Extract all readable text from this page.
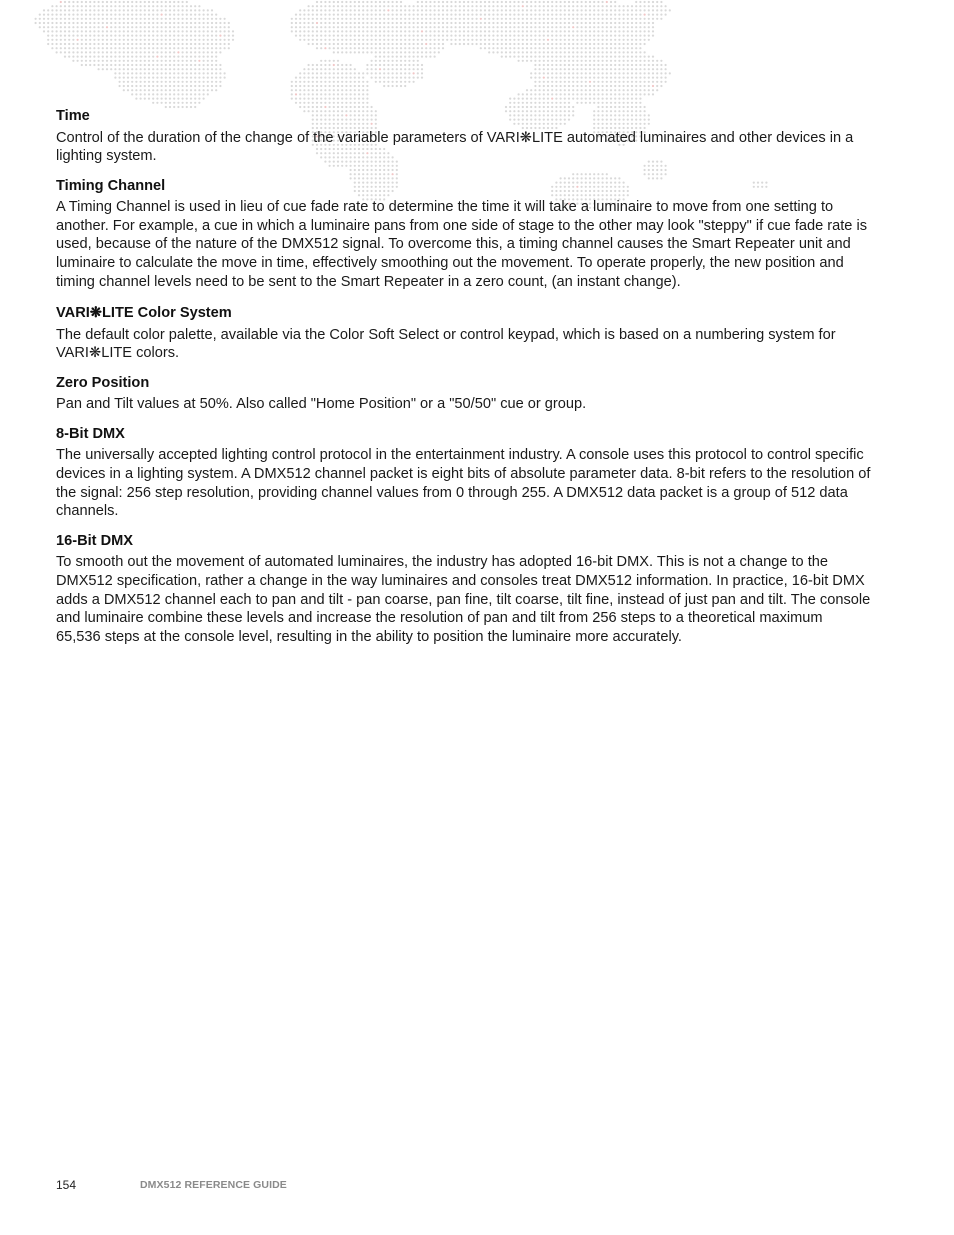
Time

Control of the duration of the change of the variable parameters of VARI❋LITE automated luminaires and other devices in a lighting system.

Timing Channel

A Timing Channel is used in lieu of cue fade rate to determine the time it will take a luminaire to move from one setting to another. For example, a cue in which a luminaire pans from one side of stage to the other may look "steppy" if cue fade rate is used, because of the nature of the DMX512 signal. To overcome this, a timing channel causes the Smart Repeater unit and luminaire to calculate the move in time, effectively smoothing out the movement. To operate properly, the new position and timing channel levels need to be sent to the Smart Repeater in a zero count, (an instant change).

VARI❋LITE Color System

The default color palette, available via the Color Soft Select or control keypad, which is based on a numbering system for VARI❋LITE colors.

Zero Position

Pan and Tilt values at 50%. Also called "Home Position" or a "50/50" cue or group.

8-Bit DMX

The universally accepted lighting control protocol in the entertainment industry. A console uses this protocol to control specific devices in a lighting system. A DMX512 channel packet is eight bits of absolute parameter data. 8-bit refers to the resolution of the signal: 256 step resolution, providing channel values from 0 through 255. A DMX512 data packet is a group of 512 data channels.

16-Bit DMX

To smooth out the movement of automated luminaires, the industry has adopted 16-bit DMX. This is not a change to the DMX512 specification, rather a change in the way luminaires and consoles treat DMX512 information. In practice, 16-bit DMX adds a DMX512 channel each to pan and tilt - pan coarse, pan fine, tilt coarse, tilt fine, instead of just pan and tilt. The console and luminaire combine these levels and increase the resolution of pan and tilt from 256 steps to a theoretical maximum 65,536 steps at the console level, resulting in the ability to position the luminaire more accurately.

154	DMX512 REFERENCE GUIDE
